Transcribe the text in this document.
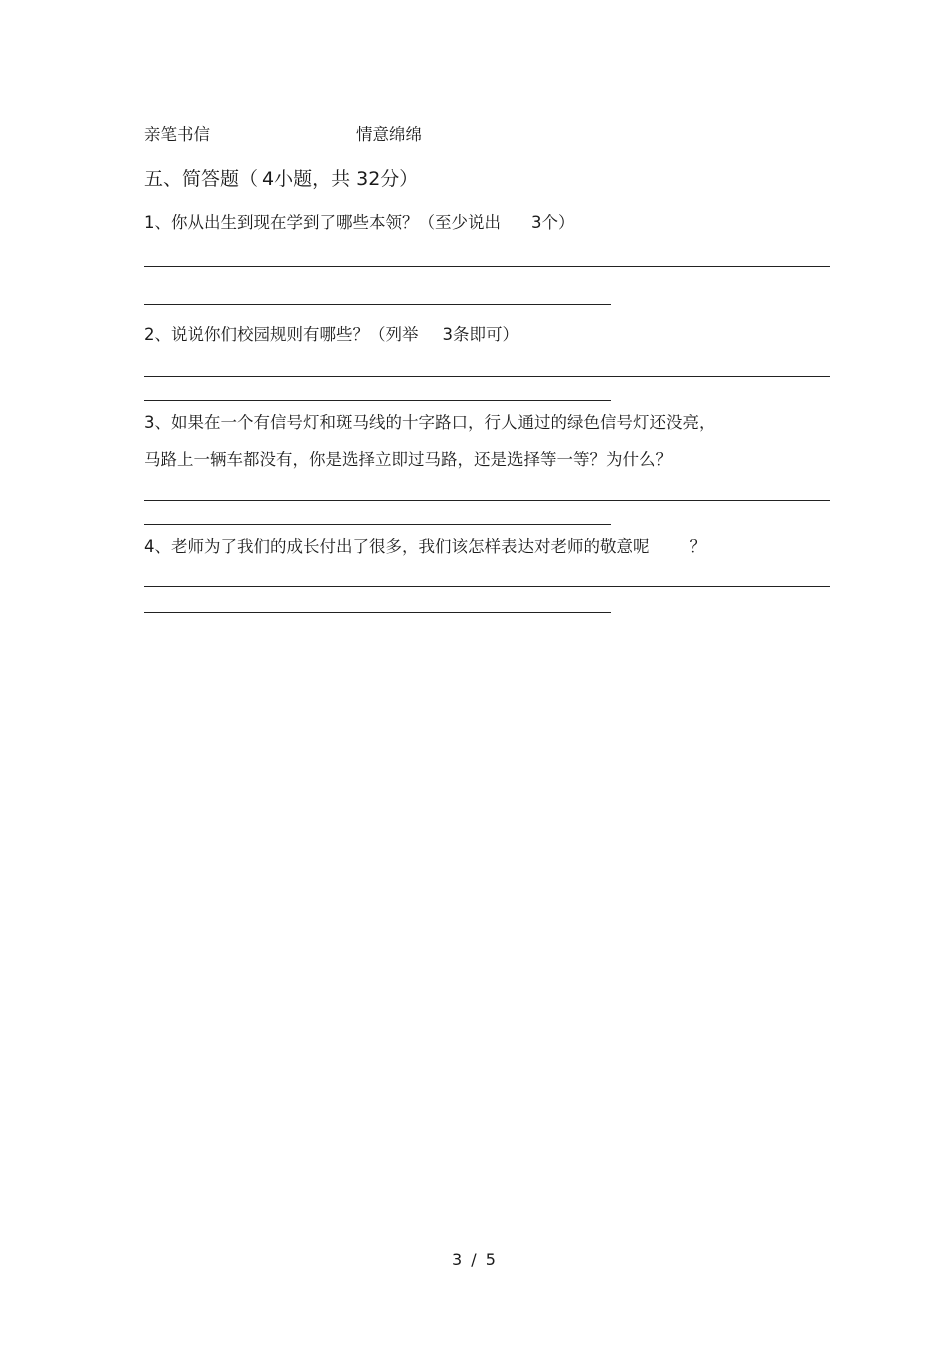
亲笔书信	情意绵绵
五、简答题（ 4小题，共 32分）
1、你从出生到现在学到了哪些本领？（至少说出 3个）
2、说说你们校园规则有哪些？（列举 3条即可）
3、如果在一个有信号灯和斑马线的十字路口，行人通过的绿色信号灯还没亮，
马路上一辆车都没有，你是选择立即过马路，还是选择等一等？为什么？
4、老师为了我们的成长付出了很多，我们该怎样表达对老师的敬意呢 ？
3 / 5
